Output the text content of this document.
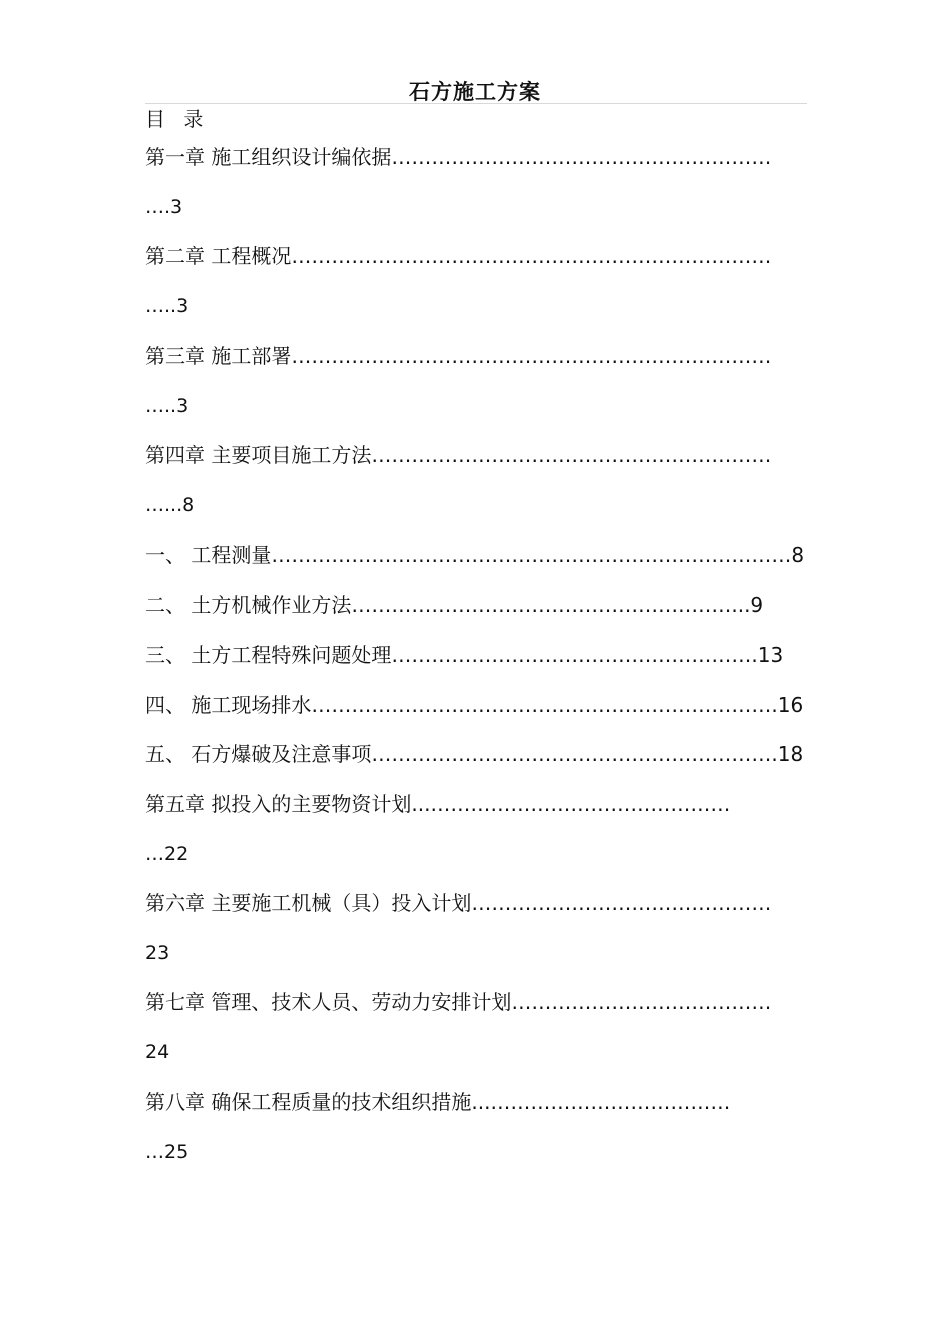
石方施工方案
目 录
第一章 施工组织设计编依据…………………………………………………
….3
第二章 工程概况………………………………………………………………
…..3
第三章 施工部署………………………………………………………………
…..3
第四章 主要项目施工方法……………………………………………………
…...8
一、 工程测量……………………………………………………………………8
二、 土方机械作业方法…………………………………………………...9
三、 土方工程特殊问题处理……………………………………………….13
四、 施工现场排水…………………………………………………………….16
五、 石方爆破及注意事项…………………………………………………….18
第五章 拟投入的主要物资计划...………………………………………
…22
第六章 主要施工机械（具）投入计划………………………………………
23
第七章 管理、技术人员、劳动力安排计划…………………………………
24
第八章 确保工程质量的技术组织措施...………………………………
…25
